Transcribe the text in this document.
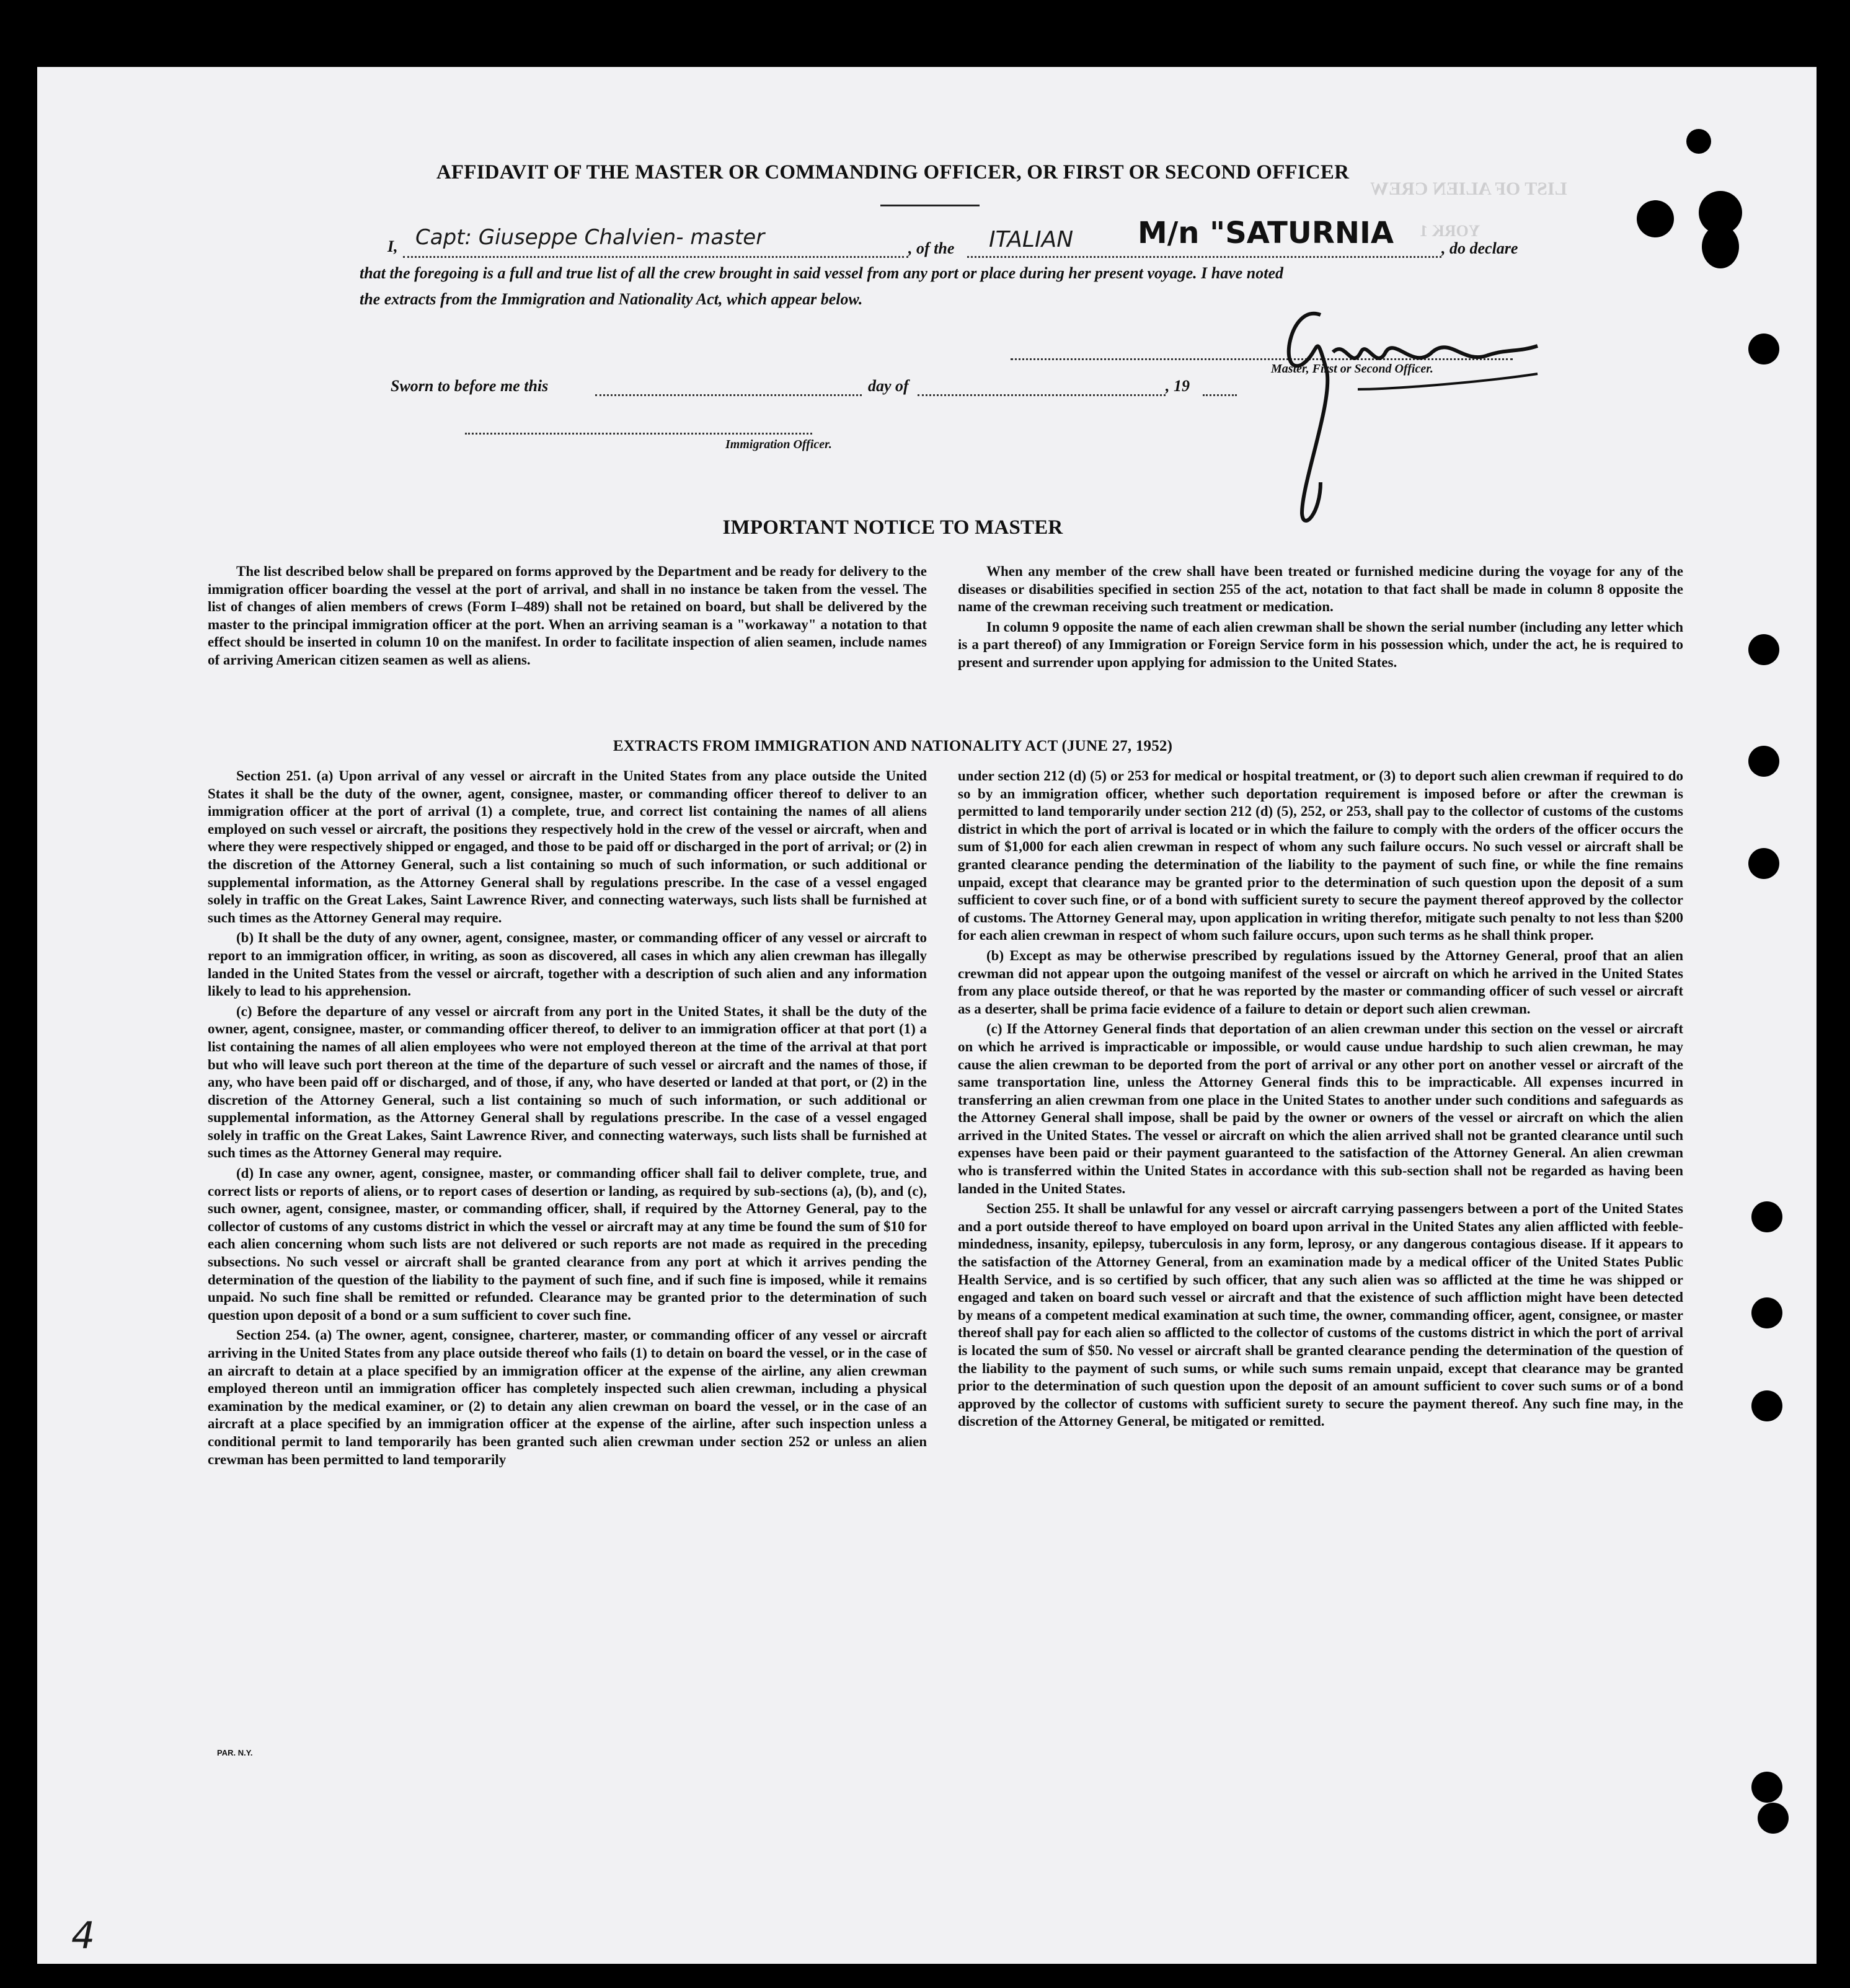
LIST OF ALIEN CREW
YORK 1
AFFIDAVIT OF THE MASTER OR COMMANDING OFFICER, OR FIRST OR SECOND OFFICER
I, Capt: Giuseppe Chalvien- master	, of the ITALIAN M/n "SATURNIA	, do declare
that the foregoing is a full and true list of all the crew brought in said vessel from any port or place during her present voyage. I have noted
the extracts from the Immigration and Nationality Act, which appear below.
Master, First or Second Officer.
Sworn to before me this	day of	, 19
Immigration Officer.
IMPORTANT NOTICE TO MASTER

The list described below shall be prepared on forms approved by the Department and be ready for delivery to the immigration officer boarding the vessel at the port of arrival, and shall in no instance be taken from the vessel. The list of changes of alien members of crews (Form I–489) shall not be retained on board, but shall be delivered by the master to the principal immigration officer at the port. When an arriving seaman is a "workaway" a notation to that effect should be inserted in column 10 on the manifest. In order to facilitate inspection of alien seamen, include names of arriving American citizen seamen as well as aliens.

When any member of the crew shall have been treated or furnished medicine during the voyage for any of the diseases or disabilities specified in section 255 of the act, notation to that fact shall be made in column 8 opposite the name of the crewman receiving such treatment or medication.

In column 9 opposite the name of each alien crewman shall be shown the serial number (including any letter which is a part thereof) of any Immigration or Foreign Service form in his possession which, under the act, he is required to present and surrender upon applying for admission to the United States.

EXTRACTS FROM IMMIGRATION AND NATIONALITY ACT (JUNE 27, 1952)

Section 251. (a) Upon arrival of any vessel or aircraft in the United States from any place outside the United States it shall be the duty of the owner, agent, consignee, master, or commanding officer thereof to deliver to an immigration officer at the port of arrival (1) a complete, true, and correct list containing the names of all aliens employed on such vessel or aircraft, the positions they respectively hold in the crew of the vessel or aircraft, when and where they were respectively shipped or engaged, and those to be paid off or discharged in the port of arrival; or (2) in the discretion of the Attorney General, such a list containing so much of such information, or such additional or supplemental information, as the Attorney General shall by regulations prescribe. In the case of a vessel engaged solely in traffic on the Great Lakes, Saint Lawrence River, and connecting waterways, such lists shall be furnished at such times as the Attorney General may require.

(b) It shall be the duty of any owner, agent, consignee, master, or commanding officer of any vessel or aircraft to report to an immigration officer, in writing, as soon as discovered, all cases in which any alien crewman has illegally landed in the United States from the vessel or aircraft, together with a description of such alien and any information likely to lead to his apprehension.

(c) Before the departure of any vessel or aircraft from any port in the United States, it shall be the duty of the owner, agent, consignee, master, or commanding officer thereof, to deliver to an immigration officer at that port (1) a list containing the names of all alien employees who were not employed thereon at the time of the arrival at that port but who will leave such port thereon at the time of the departure of such vessel or aircraft and the names of those, if any, who have been paid off or discharged, and of those, if any, who have deserted or landed at that port, or (2) in the discretion of the Attorney General, such a list containing so much of such information, or such additional or supplemental information, as the Attorney General shall by regulations prescribe. In the case of a vessel engaged solely in traffic on the Great Lakes, Saint Lawrence River, and connecting waterways, such lists shall be furnished at such times as the Attorney General may require.

(d) In case any owner, agent, consignee, master, or commanding officer shall fail to deliver complete, true, and correct lists or reports of aliens, or to report cases of desertion or landing, as required by sub-sections (a), (b), and (c), such owner, agent, consignee, master, or commanding officer, shall, if required by the Attorney General, pay to the collector of customs of any customs district in which the vessel or aircraft may at any time be found the sum of $10 for each alien concerning whom such lists are not delivered or such reports are not made as required in the preceding subsections. No such vessel or aircraft shall be granted clearance from any port at which it arrives pending the determination of the question of the liability to the payment of such fine, and if such fine is imposed, while it remains unpaid. No such fine shall be remitted or refunded. Clearance may be granted prior to the determination of such question upon deposit of a bond or a sum sufficient to cover such fine.

Section 254. (a) The owner, agent, consignee, charterer, master, or commanding officer of any vessel or aircraft arriving in the United States from any place outside thereof who fails (1) to detain on board the vessel, or in the case of an aircraft to detain at a place specified by an immigration officer at the expense of the airline, any alien crewman employed thereon until an immigration officer has completely inspected such alien crewman, including a physical examination by the medical examiner, or (2) to detain any alien crewman on board the vessel, or in the case of an aircraft at a place specified by an immigration officer at the expense of the airline, after such inspection unless a conditional permit to land temporarily has been granted such alien crewman under section 252 or unless an alien crewman has been permitted to land temporarily

under section 212 (d) (5) or 253 for medical or hospital treatment, or (3) to deport such alien crewman if required to do so by an immigration officer, whether such deportation requirement is imposed before or after the crewman is permitted to land temporarily under section 212 (d) (5), 252, or 253, shall pay to the collector of customs of the customs district in which the port of arrival is located or in which the failure to comply with the orders of the officer occurs the sum of $1,000 for each alien crewman in respect of whom any such failure occurs. No such vessel or aircraft shall be granted clearance pending the determination of the liability to the payment of such fine, or while the fine remains unpaid, except that clearance may be granted prior to the determination of such question upon the deposit of a sum sufficient to cover such fine, or of a bond with sufficient surety to secure the payment thereof approved by the collector of customs. The Attorney General may, upon application in writing therefor, mitigate such penalty to not less than $200 for each alien crewman in respect of whom such failure occurs, upon such terms as he shall think proper.

(b) Except as may be otherwise prescribed by regulations issued by the Attorney General, proof that an alien crewman did not appear upon the outgoing manifest of the vessel or aircraft on which he arrived in the United States from any place outside thereof, or that he was reported by the master or commanding officer of such vessel or aircraft as a deserter, shall be prima facie evidence of a failure to detain or deport such alien crewman.

(c) If the Attorney General finds that deportation of an alien crewman under this section on the vessel or aircraft on which he arrived is impracticable or impossible, or would cause undue hardship to such alien crewman, he may cause the alien crewman to be deported from the port of arrival or any other port on another vessel or aircraft of the same transportation line, unless the Attorney General finds this to be impracticable. All expenses incurred in transferring an alien crewman from one place in the United States to another under such conditions and safeguards as the Attorney General shall impose, shall be paid by the owner or owners of the vessel or aircraft on which the alien arrived in the United States. The vessel or aircraft on which the alien arrived shall not be granted clearance until such expenses have been paid or their payment guaranteed to the satisfaction of the Attorney General. An alien crewman who is transferred within the United States in accordance with this sub-section shall not be regarded as having been landed in the United States.

Section 255. It shall be unlawful for any vessel or aircraft carrying passengers between a port of the United States and a port outside thereof to have employed on board upon arrival in the United States any alien afflicted with feeble-mindedness, insanity, epilepsy, tuberculosis in any form, leprosy, or any dangerous contagious disease. If it appears to the satisfaction of the Attorney General, from an examination made by a medical officer of the United States Public Health Service, and is so certified by such officer, that any such alien was so afflicted at the time he was shipped or engaged and taken on board such vessel or aircraft and that the existence of such affliction might have been detected by means of a competent medical examination at such time, the owner, commanding officer, agent, consignee, or master thereof shall pay for each alien so afflicted to the collector of customs of the customs district in which the port of arrival is located the sum of $50. No vessel or aircraft shall be granted clearance pending the determination of the question of the liability to the payment of such sums, or while such sums remain unpaid, except that clearance may be granted prior to the determination of such question upon the deposit of an amount sufficient to cover such sums or of a bond approved by the collector of customs with sufficient surety to secure the payment thereof. Any such fine may, in the discretion of the Attorney General, be mitigated or remitted.

PAR. N.Y.
4
